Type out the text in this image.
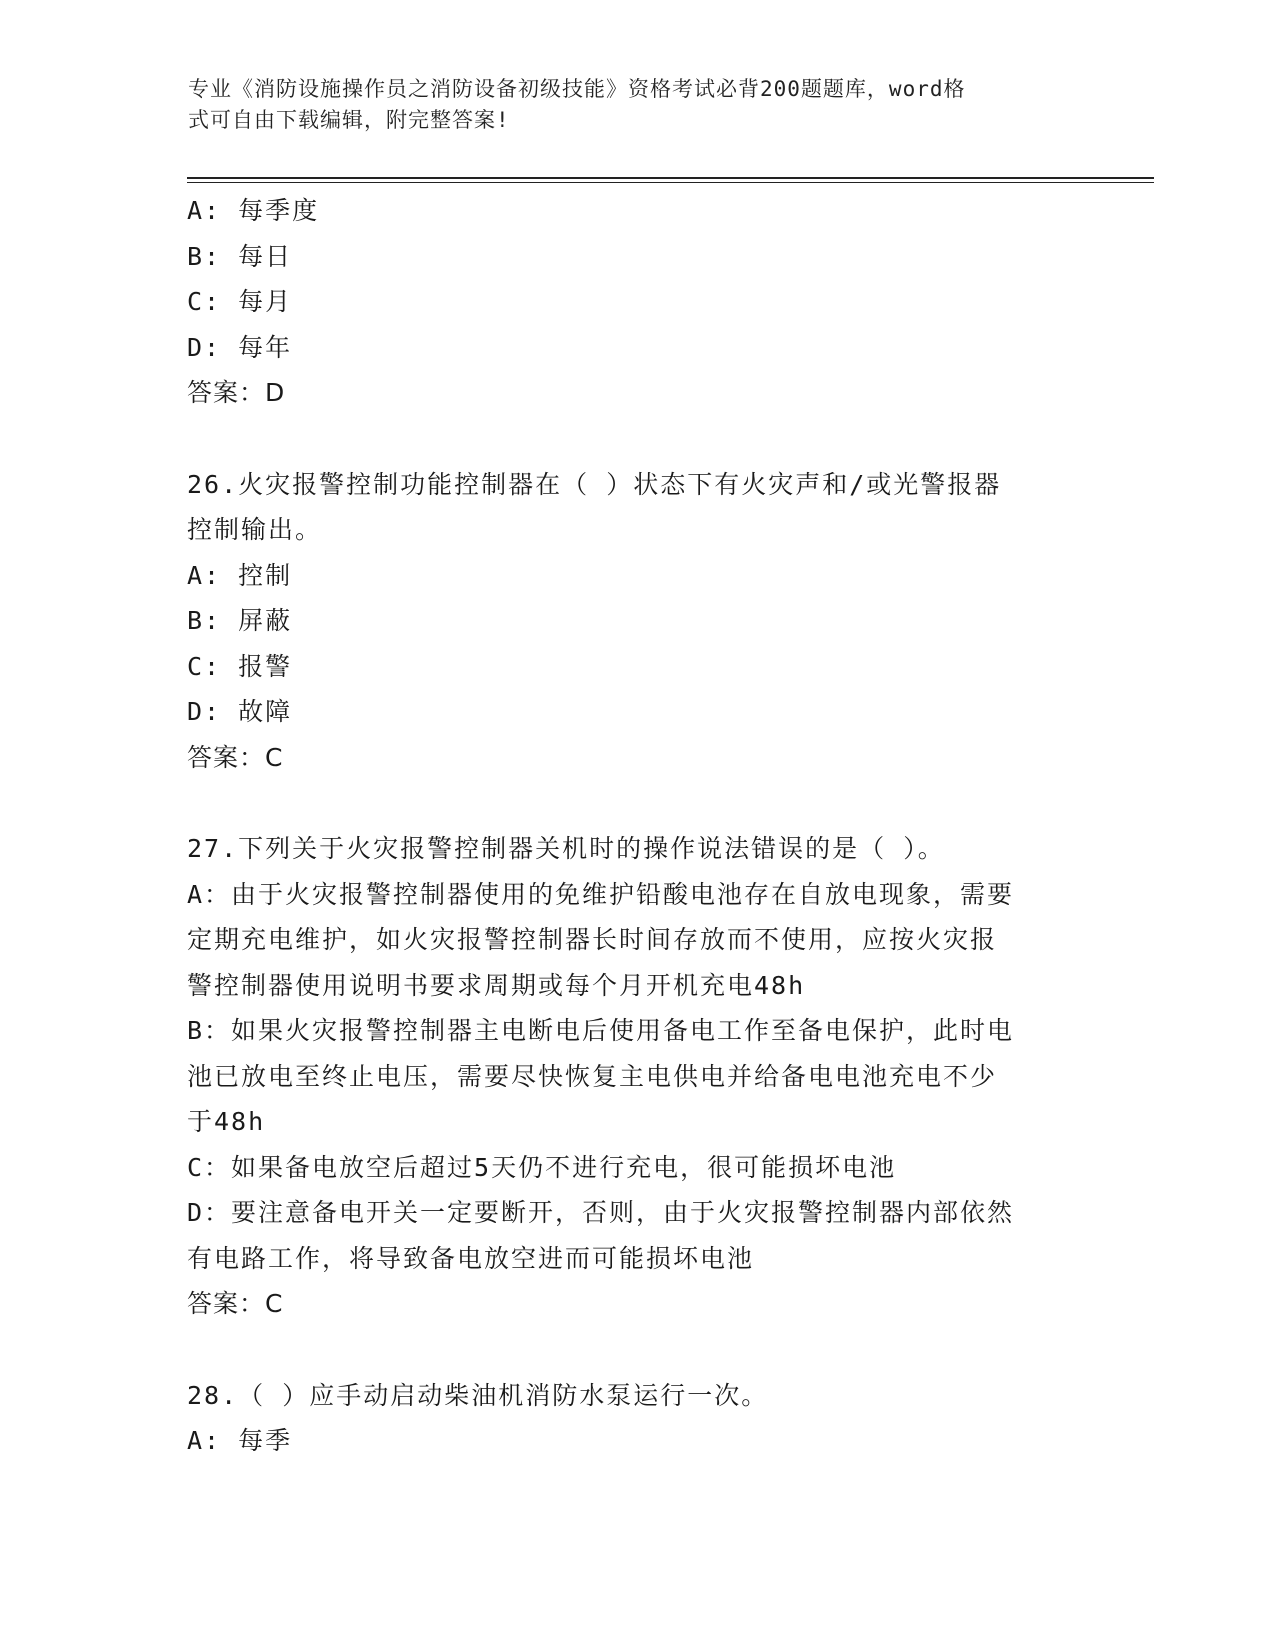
专业《消防设施操作员之消防设备初级技能》资格考试必背200题题库，word格
式可自由下载编辑，附完整答案!
A: 每季度
B: 每日
C: 每月
D: 每年
答案：D
26.火灾报警控制功能控制器在（ ）状态下有火灾声和/或光警报器
控制输出。
A: 控制
B: 屏蔽
C: 报警
D: 故障
答案：C
27.下列关于火灾报警控制器关机时的操作说法错误的是（ ）。
A：由于火灾报警控制器使用的免维护铅酸电池存在自放电现象，需要
定期充电维护，如火灾报警控制器长时间存放而不使用，应按火灾报
警控制器使用说明书要求周期或每个月开机充电48h
B：如果火灾报警控制器主电断电后使用备电工作至备电保护，此时电
池已放电至终止电压，需要尽快恢复主电供电并给备电电池充电不少
于48h
C：如果备电放空后超过5天仍不进行充电，很可能损坏电池
D：要注意备电开关一定要断开，否则，由于火灾报警控制器内部依然
有电路工作，将导致备电放空进而可能损坏电池
答案：C
28.（ ）应手动启动柴油机消防水泵运行一次。
A: 每季
